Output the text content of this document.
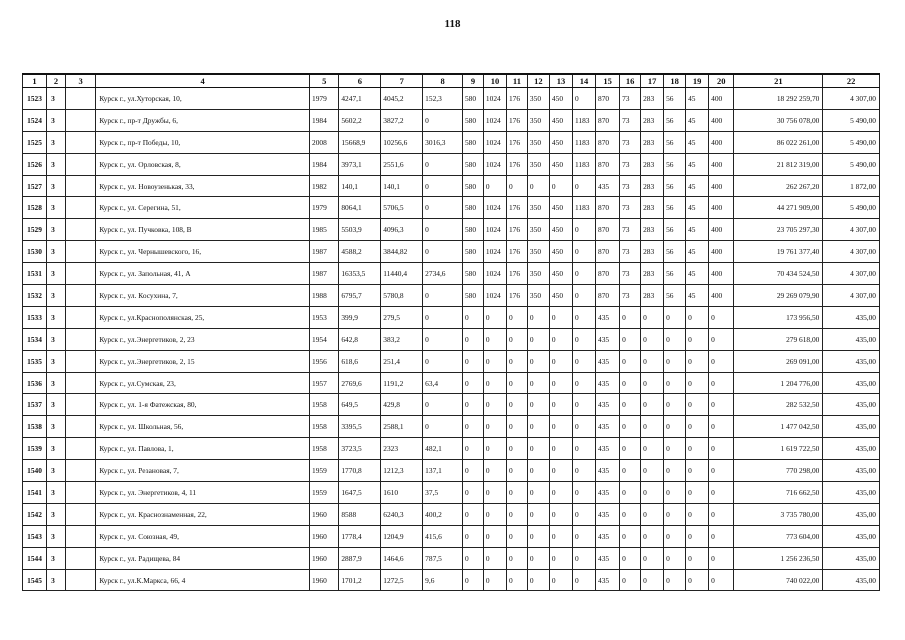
118
1	2	3	4	5	6	7	8	9	10	11	12	13	14	15	16	17	18	19	20	21	22
1523	3		Курск г., ул.Хуторская, 10,	1979	4247,1	4045,2	152,3	580	1024	176	350	450	0	870	73	283	56	45	400	18 292 259,70	4 307,00
1524	3		Курск г., пр-т Дружбы, 6,	1984	5602,2	3827,2	0	580	1024	176	350	450	1183	870	73	283	56	45	400	30 756 078,00	5 490,00
1525	3		Курск г., пр-т Победы, 10,	2008	15668,9	10256,6	3016,3	580	1024	176	350	450	1183	870	73	283	56	45	400	86 022 261,00	5 490,00
1526	3		Курск г., ул. Орловская, 8,	1984	3973,1	2551,6	0	580	1024	176	350	450	1183	870	73	283	56	45	400	21 812 319,00	5 490,00
1527	3		Курск г., ул. Новоузенькая, 33,	1982	140,1	140,1	0	580	0	0	0	0	0	435	73	283	56	45	400	262 267,20	1 872,00
1528	3		Курск г., ул. Серегина, 51,	1979	8064,1	5706,5	0	580	1024	176	350	450	1183	870	73	283	56	45	400	44 271 909,00	5 490,00
1529	3		Курск г., ул. Пучковка, 108, В	1985	5503,9	4096,3	0	580	1024	176	350	450	0	870	73	283	56	45	400	23 705 297,30	4 307,00
1530	3		Курск г., ул. Чернышевского, 16,	1987	4588,2	3844,82	0	580	1024	176	350	450	0	870	73	283	56	45	400	19 761 377,40	4 307,00
1531	3		Курск г., ул. Запольная, 41, А	1987	16353,5	11440,4	2734,6	580	1024	176	350	450	0	870	73	283	56	45	400	70 434 524,50	4 307,00
1532	3		Курск г., ул. Косухина, 7,	1988	6795,7	5780,8	0	580	1024	176	350	450	0	870	73	283	56	45	400	29 269 079,90	4 307,00
1533	3		Курск г., ул.Краснополянская, 25,	1953	399,9	279,5	0	0	0	0	0	0	0	435	0	0	0	0	0	173 956,50	435,00
1534	3		Курск г., ул.Энергетиков, 2, 23	1954	642,8	383,2	0	0	0	0	0	0	0	435	0	0	0	0	0	279 618,00	435,00
1535	3		Курск г., ул.Энергетиков, 2, 15	1956	618,6	251,4	0	0	0	0	0	0	0	435	0	0	0	0	0	269 091,00	435,00
1536	3		Курск г., ул.Сумская, 23,	1957	2769,6	1191,2	63,4	0	0	0	0	0	0	435	0	0	0	0	0	1 204 776,00	435,00
1537	3		Курск г., ул. 1-я Фатежская, 80,	1958	649,5	429,8	0	0	0	0	0	0	0	435	0	0	0	0	0	282 532,50	435,00
1538	3		Курск г., ул. Школьная, 56,	1958	3395,5	2588,1	0	0	0	0	0	0	0	435	0	0	0	0	0	1 477 042,50	435,00
1539	3		Курск г., ул. Павлова, 1,	1958	3723,5	2323	482,1	0	0	0	0	0	0	435	0	0	0	0	0	1 619 722,50	435,00
1540	3		Курск г., ул. Резановая, 7,	1959	1770,8	1212,3	137,1	0	0	0	0	0	0	435	0	0	0	0	0	770 298,00	435,00
1541	3		Курск г., ул. Энергетиков, 4, 11	1959	1647,5	1610	37,5	0	0	0	0	0	0	435	0	0	0	0	0	716 662,50	435,00
1542	3		Курск г., ул. Краснознаменная, 22,	1960	8588	6240,3	400,2	0	0	0	0	0	0	435	0	0	0	0	0	3 735 780,00	435,00
1543	3		Курск г., ул. Союзная, 49,	1960	1778,4	1204,9	415,6	0	0	0	0	0	0	435	0	0	0	0	0	773 604,00	435,00
1544	3		Курск г., ул. Радищева, 84	1960	2887,9	1464,6	787,5	0	0	0	0	0	0	435	0	0	0	0	0	1 256 236,50	435,00
1545	3		Курск г., ул.К.Маркса, 66, 4	1960	1701,2	1272,5	9,6	0	0	0	0	0	0	435	0	0	0	0	0	740 022,00	435,00
